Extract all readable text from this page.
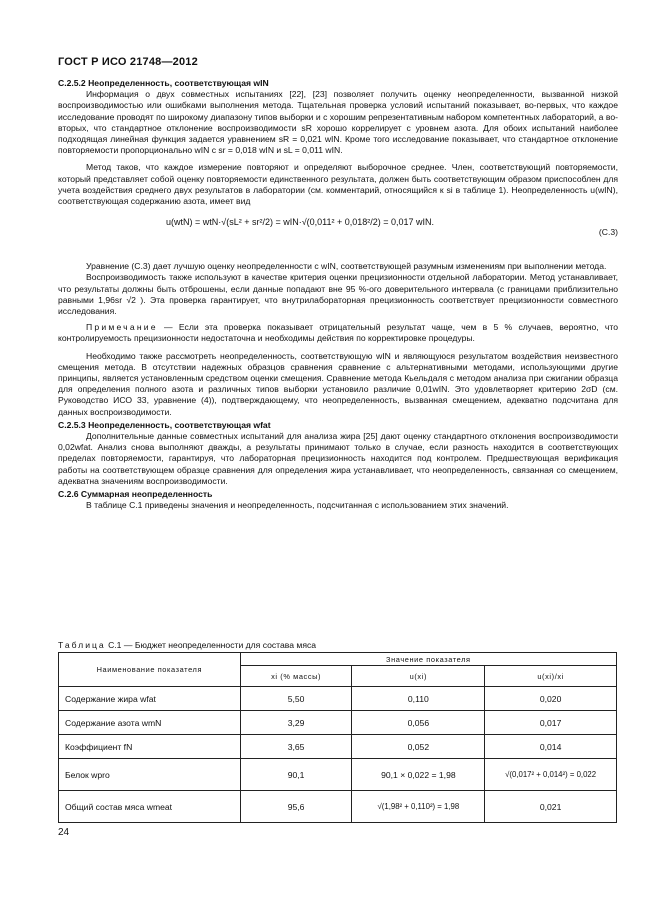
ГОСТ Р ИСО 21748—2012

C.2.5.2 Неопределенность, соответствующая wIN

Информация о двух совместных испытаниях [22], [23] позволяет получить оценку неопределенности, вызванной низкой воспроизводимостью или ошибками выполнения метода. Тщательная проверка условий испытаний показывает, во-первых, что каждое исследование проводят по широкому диапазону типов выборки и с хорошим репрезентативным набором компетентных лабораторий, а во-вторых, что стандартное отклонение воспроизводимости sR хорошо коррелирует с уровнем азота. Для обоих испытаний наиболее подходящая линейная функция задается уравнением sR = 0,021 wIN. Кроме того исследование показывает, что стандартное отклонение повторяемости пропорционально wIN с sr = 0,018 wIN и sL = 0,011 wIN.

Метод таков, что каждое измерение повторяют и определяют выборочное среднее. Член, соответствующий повторяемости, который представляет собой оценку повторяемости единственного результата, должен быть соответствующим образом приспособлен для учета воздействия среднего двух результатов в лаборатории (см. комментарий, относящийся к si в таблице 1). Неопределенность u(wIN), соответствующая содержанию азота, имеет вид

u(wtN) = wtN·√(sL² + sr²/2) = wIN·√(0,011² + 0,018²/2) = 0,017 wIN.
(C.3)

Уравнение (С.3) дает лучшую оценку неопределенности с wIN, соответствующей разумным изменениям при выполнении метода.

Воспроизводимость также используют в качестве критерия оценки прецизионности отдельной лаборатории. Метод устанавливает, что результаты должны быть отброшены, если данные попадают вне 95 %-ого доверительного интервала (с границами приблизительно равными 1,96sr √2 ). Эта проверка гарантирует, что внутрилабораторная прецизионность соответствует прецизионности совместного исследования.

Примечание — Если эта проверка показывает отрицательный результат чаще, чем в 5 % случаев, вероятно, что контролируемость прецизионности недостаточна и необходимы действия по корректировке процедуры.

Необходимо также рассмотреть неопределенность, соответствующую wIN и являющуюся результатом воздействия неизвестного смещения метода. В отсутствии надежных образцов сравнения сравнение с альтернативными методами, использующими другие принципы, является установленным средством оценки смещения. Сравнение метода Кьельдаля с методом анализа при сжигании образца для определения полного азота и различных типов выборки установило различие 0,01wIN. Это удовлетворяет критерию 2σD (см. Руководство ИСО 33, уравнение (4)), подтверждающему, что неопределенность, вызванная смещением, адекватно подсчитана для данных воспроизводимости.

C.2.5.3 Неопределенность, соответствующая wfat

Дополнительные данные совместных испытаний для анализа жира [25] дают оценку стандартного отклонения воспроизводимости 0,02wfat. Анализ снова выполняют дважды, а результаты принимают только в случае, если разность находится в соответствующих пределах повторяемости, гарантируя, что лабораторная прецизионность находится под контролем. Предшествующая верификация работы на соответствующем образце сравнения для определения жира устанавливает, что неопределенность, связанная со смещением, адекватна значениям воспроизводимости.

C.2.6 Суммарная неопределенность

В таблице С.1 приведены значения и неопределенность, подсчитанная с использованием этих значений.

Таблица С.1 — Бюджет неопределенности для состава мяса
Наименование показателя	Значение показателя		
	xi (% массы)	u(xi)	u(xi)/xi
Содержание жира wfat	5,50	0,110	0,020
Содержание азота wmN	3,29	0,056	0,017
Коэффициент fN	3,65	0,052	0,014
Белок wpro	90,1	90,1 × 0,022 = 1,98	√(0,017² + 0,014²) = 0,022
Общий состав мяса wmeat	95,6	√(1,98² + 0,110²) = 1,98	0,021
24
